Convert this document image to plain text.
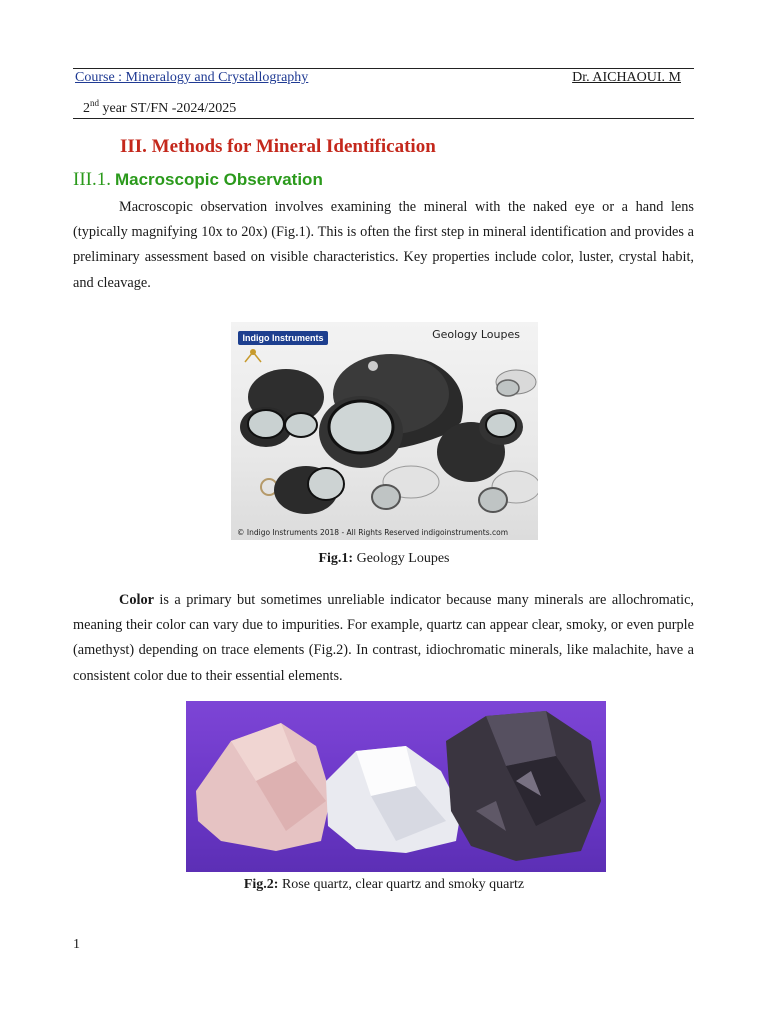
Course : Mineralogy and Crystallography	Dr. AICHAOUI. M
2nd year ST/FN -2024/2025
III. Methods for Mineral Identification
III.1. Macroscopic Observation

Macroscopic observation involves examining the mineral with the naked eye or a hand lens (typically magnifying 10x to 20x) (Fig.1). This is often the first step in mineral identification and provides a preliminary assessment based on visible characteristics. Key properties include color, luster, crystal habit, and cleavage.

Indigo Instruments	Geology Loupes
© Indigo Instruments 2018 - All Rights Reserved indigoinstruments.com
Fig.1: Geology Loupes

Color is a primary but sometimes unreliable indicator because many minerals are allochromatic, meaning their color can vary due to impurities. For example, quartz can appear clear, smoky, or even purple (amethyst) depending on trace elements (Fig.2). In contrast, idiochromatic minerals, like malachite, have a consistent color due to their essential elements.

Fig.2: Rose quartz, clear quartz and smoky quartz
1
